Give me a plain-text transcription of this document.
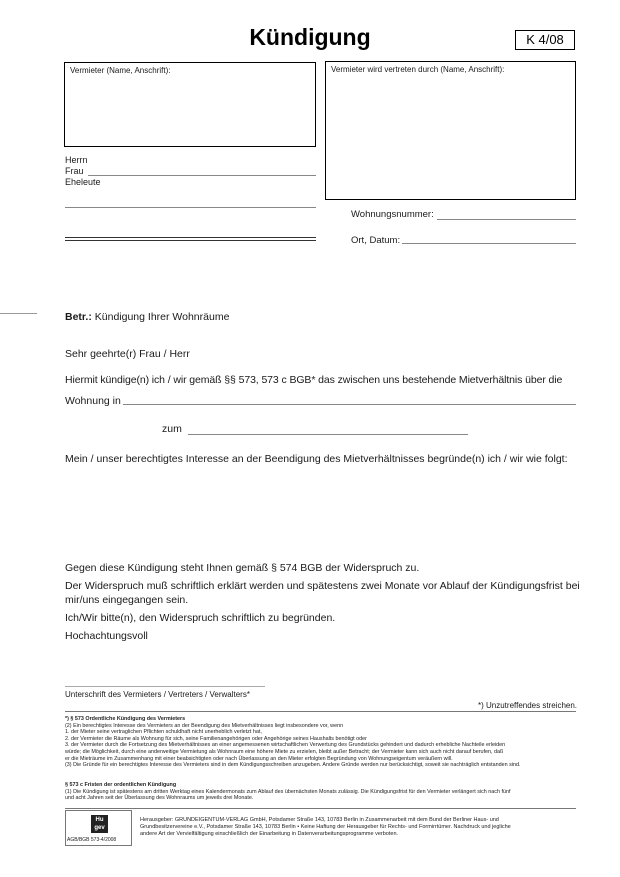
Kündigung	K 4/08
Vermieter (Name, Anschrift):	Vermieter wird vertreten durch (Name, Anschrift):
Herrn
Frau
Eheleute
Wohnungsnummer:
Ort, Datum:
Betr.: Kündigung Ihrer Wohnräume
Sehr geehrte(r) Frau / Herr
Hiermit kündige(n) ich / wir gemäß §§ 573, 573 c BGB* das zwischen uns bestehende Mietverhältnis über die
Wohnung in
zum
Mein / unser berechtigtes Interesse an der Beendigung des Mietverhältnisses begründe(n) ich / wir wie folgt:
Gegen diese Kündigung steht Ihnen gemäß § 574 BGB der Widerspruch zu.
Der Widerspruch muß schriftlich erklärt werden und spätestens zwei Monate vor Ablauf der Kündigungsfrist bei
mir/uns eingegangen sein.
Ich/Wir bitte(n), den Widerspruch schriftlich zu begründen.
Hochachtungsvoll
Unterschrift des Vermieters / Vertreters / Verwalters*
*) Unzutreffendes streichen.
*) § 573 Ordentliche Kündigung des Vermieters
(2) Ein berechtigtes Interesse des Vermieters an der Beendigung des Mietverhältnisses liegt insbesondere vor, wenn
1. der Mieter seine vertraglichen Pflichten schuldhaft nicht unerheblich verletzt hat,
2. der Vermieter die Räume als Wohnung für sich, seine Familienangehörigen oder Angehörige seines Haushalts benötigt oder
3. der Vermieter durch die Fortsetzung des Mietverhältnisses an einer angemessenen wirtschaftlichen Verwertung des Grundstücks gehindert und dadurch erhebliche Nachteile erleiden
würde; die Möglichkeit, durch eine anderweitige Vermietung als Wohnraum eine höhere Miete zu erzielen, bleibt außer Betracht; der Vermieter kann sich auch nicht darauf berufen, daß
er die Mieträume im Zusammenhang mit einer beabsichtigten oder nach Überlassung an den Mieter erfolgten Begründung von Wohnungseigentum veräußern will.
(3) Die Gründe für ein berechtigtes Interesse des Vermieters sind in dem Kündigungsschreiben anzugeben. Andere Gründe werden nur berücksichtigt, soweit sie nachträglich entstanden sind.
§ 573 c Fristen der ordentlichen Kündigung
(1) Die Kündigung ist spätestens am dritten Werktag eines Kalendermonats zum Ablauf des übernächsten Monats zulässig. Die Kündigungsfrist für den Vermieter verlängert sich nach fünf
und acht Jahren seit der Überlassung des Wohnraums um jeweils drei Monate.
Hu
gev
AGB/BGB 573-4/2008
Herausgeber: GRUNDEIGENTUM-VERLAG GmbH, Potsdamer Straße 143, 10783 Berlin in Zusammenarbeit mit dem Bund der Berliner Haus- und
Grundbesitzervereine e.V., Potsdamer Straße 143, 10783 Berlin • Keine Haftung der Herausgeber für Rechts- und Formirrtümer. Nachdruck und jegliche
andere Art der Vervielfältigung einschließlich der Einarbeitung in Datenverarbeitungsprogramme verboten.
